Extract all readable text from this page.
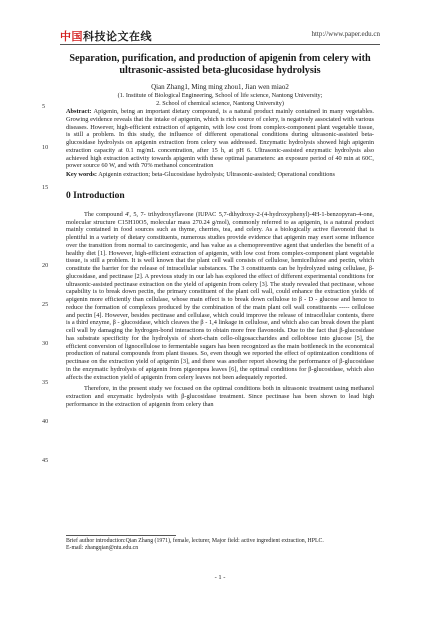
中国科技论文在线	http://www.paper.edu.cn
5
10
15
20
25
30
35
40
45
Separation, purification, and production of apigenin from celery with ultrasonic-assisted beta-glucosidase hydrolysis
Qian Zhang1, Ming ming zhou1, Jian wen miao2
(1. Institute of Biological Engineering, School of life science, Nantong University;
2. School of chemical science, Nantong University)
Abstract: Apigenin, being an important dietary compound, is a natural product mainly contained in many vegetables. Growing evidence reveals that the intake of apigenin, which is rich source of celery, is negatively associated with various diseases. However, high-efficient extraction of apigenin, with low cost from complex-component plant vegetable tissue, is still a problem. In this study, the influence of different operational conditions during ultrasonic-assisted beta-glucosidase hydrolysis on apigenin extraction from celery was addressed. Enzymatic hydrolysis showed high apigenin extraction capacity at 0.1 mg/mL concentration, after 15 h, at pH 6. Ultrasonic-assisted enzymatic hydrolysis also achieved high extraction activity towards apigenin with these optimal parameters: an exposure period of 40 min at 60C, power source 60 W, and with 70% methanol concentration
Key words: Apigenin extraction; beta-Glucosidase hydrolysis; Ultrasonic-assisted; Operational conditions
0 Introduction
The compound 4', 5, 7- trihydroxyflavone (IUPAC 5,7-dihydroxy-2-(4-hydroxyphenyl)-4H-1-benzopyran-4-one, molecular structure C15H10O5, molecular mass 270.24 g/mol), commonly referred to as apigenin, is a natural product mainly contained in food sources such as thyme, cherries, tea, and celery. As a biologically active flavonoid that is plentiful in a variety of dietary constituents, numerous studies provide evidence that apigenin may exert some influence over the transition from normal to carcinogenic, and has value as a chemopreventive agent that underlies the benefit of a healthy diet [1]. However, high-efficient extraction of apigenin, with low cost from complex-component plant vegetable tissue, is still a problem. It is well known that the plant cell wall consists of cellulose, hemicellulose and pectin, which constitute the barrier for the release of intracellular substances. The 3 constituents can be hydrolyzed using cellulase, β- glucosidase, and pectinase [2]. A previous study in our lab has explored the effect of different experimental conditions for ultrasonic-assisted pectinase extraction on the yield of apigenin from celery [3]. The study revealed that pectinase, whose capability is to break down pectin, the primary constituent of the plant cell wall, could enhance the extraction yields of apigenin more efficiently than cellulase, whose main effect is to break down cellulose to β - D - glucose and hence to reduce the formation of complexes produced by the combination of the main plant cell wall constituents ----- cellulose and pectin [4]. However, besides pectinase and cellulase, which could improve the release of intracellular contents, there is a third enzyme, β - glucosidase, which cleaves the β - 1,4 linkage in cellulose, and which also can break down the plant cell wall by damaging the hydrogen-bond interactions to obtain more free flavonoids. Due to the fact that β-glucosidase has substrate specificity for the hydrolysis of short-chain cello-oligosaccharides and cellobiose into glucose [5], the efficient conversion of lignocellulose to fermentable sugars has been recognized as the main bottleneck in the economical production of natural compounds from plant tissues. So, even though we reported the effect of optimization conditions of pectinase on the extraction yield of apigenin [3], and there was another report showing the performance of β-glucosidase in the enzymatic hydrolysis of apigenin from pigeonpea leaves [6], the optimal conditions for β-glucosidase, which also affects the extraction yield of apigenin from celery leaves not been adequately reported.
Therefore, in the present study we focused on the optimal conditions both in ultrasonic treatment using methanol extraction and enzymatic hydrolysis with β-glucosidase treatment. Since pectinase has been shown to lead high performance in the extraction of apigenin from celery than
Brief author introduction:Qian Zhang (1971), female, lecturer, Major field: active ingredient extraction, HPLC.
E-mail: zhangqian@ntu.edu.cn
- 1 -
